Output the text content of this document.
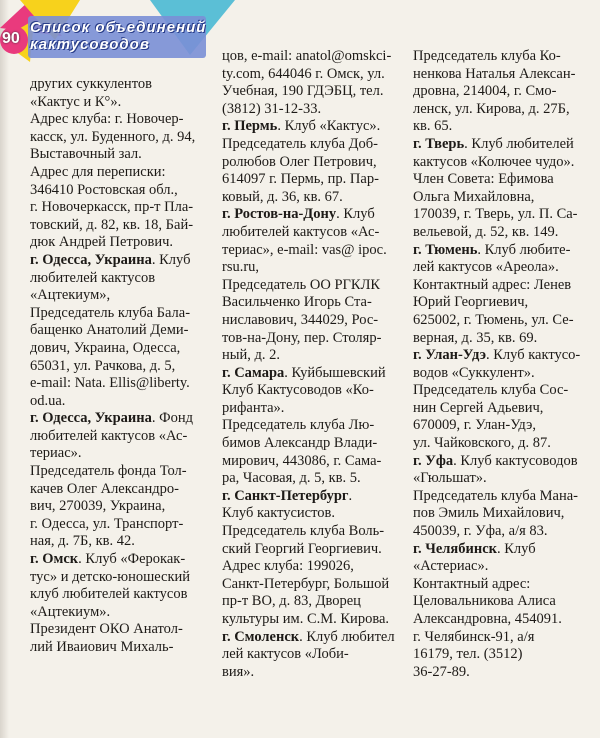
90
Список объединений
кактусоводов
других суккулентов
«Кактус и К°».
Адрес клуба: г. Новочер-
касск, ул. Буденного, д. 94,
Выставочный зал.
Адрес для переписки:
346410 Ростовская обл.,
г. Новочеркасск, пр-т Пла-
товский, д. 82, кв. 18, Бай-
дюк Андрей Петрович.
г. Одесса, Украина. Клуб
любителей кактусов
«Ацтекиум»,
Председатель клуба Бала-
бащенко Анатолий Деми-
дович, Украина, Одесса,
65031, ул. Рачкова, д. 5,
e-mail: Nata. Ellis@liberty.
od.ua.
г. Одесса, Украина. Фонд
любителей кактусов «Ас-
териас».
Председатель фонда Тол-
качев Олег Александро-
вич, 270039, Украина,
г. Одесса, ул. Транспорт-
ная, д. 7Б, кв. 42.
г. Омск. Клуб «Ферокак-
тус» и детско-юношеский
клуб любителей кактусов
«Ацтекиум».
Президент ОКО Анатол-
лий Иваиович Михаль-
цов, e-mail: anatol@omskci-
ty.com, 644046 г. Омск, ул.
Учебная, 190 ГДЭБЦ, тел.
(3812) 31-12-33.
г. Пермь. Клуб «Кактус».
Председатель клуба Доб-
ролюбов Олег Петрович,
614097 г. Пермь, пр. Пар-
ковый, д. 36, кв. 67.
г. Ростов-на-Дону. Клуб
любителей кактусов «Ас-
териас», e-mail: vas@ ipoc.
rsu.ru,
Председатель ОО РГКЛК
Васильченко Игорь Ста-
ниславович, 344029, Рос-
тов-на-Дону, пер. Столяр-
ный, д. 2.
г. Самара. Куйбышевский
Клуб Кактусоводов «Ко-
рифанта».
Председатель клуба Лю-
бимов Александр Влади-
мирович, 443086, г. Сама-
ра, Часовая, д. 5, кв. 5.
г. Санкт-Петербург.
Клуб кактусистов.
Председатель клуба Воль-
ский Георгий Георгиевич.
Адрес клуба: 199026,
Санкт-Петербург, Большой
пр-т ВО, д. 83, Дворец
культуры им. С.М. Кирова.
г. Смоленск. Клуб любител
лей кактусов «Лоби-
вия».
Председатель клуба Ко-
ненкова Наталья Алексан-
дровна, 214004, г. Смо-
ленск, ул. Кирова, д. 27Б,
кв. 65.
г. Тверь. Клуб любителей
кактусов «Колючее чудо».
Член Совета: Ефимова
Ольга Михайловна,
170039, г. Тверь, ул. П. Са-
вельевой, д. 52, кв. 149.
г. Тюмень. Клуб любите-
лей кактусов «Ареола».
Контактный адрес: Ленев
Юрий Георгиевич,
625002, г. Тюмень, ул. Се-
верная, д. 35, кв. 69.
г. Улан-Удэ. Клуб кактусо-
водов «Суккулент».
Председатель клуба Сос-
нин Сергей Адьевич,
670009, г. Улан-Удэ,
ул. Чайковского, д. 87.
г. Уфа. Клуб кактусоводов
«Гюльшат».
Председатель клуба Мана-
пов Эмиль Михайлович,
450039, г. Уфа, а/я 83.
г. Челябинск. Клуб
«Астериас».
Контактный адрес:
Целовальникова Алиса
Александровна, 454091.
г. Челябинск-91, а/я
16179, тел. (3512)
36-27-89.
